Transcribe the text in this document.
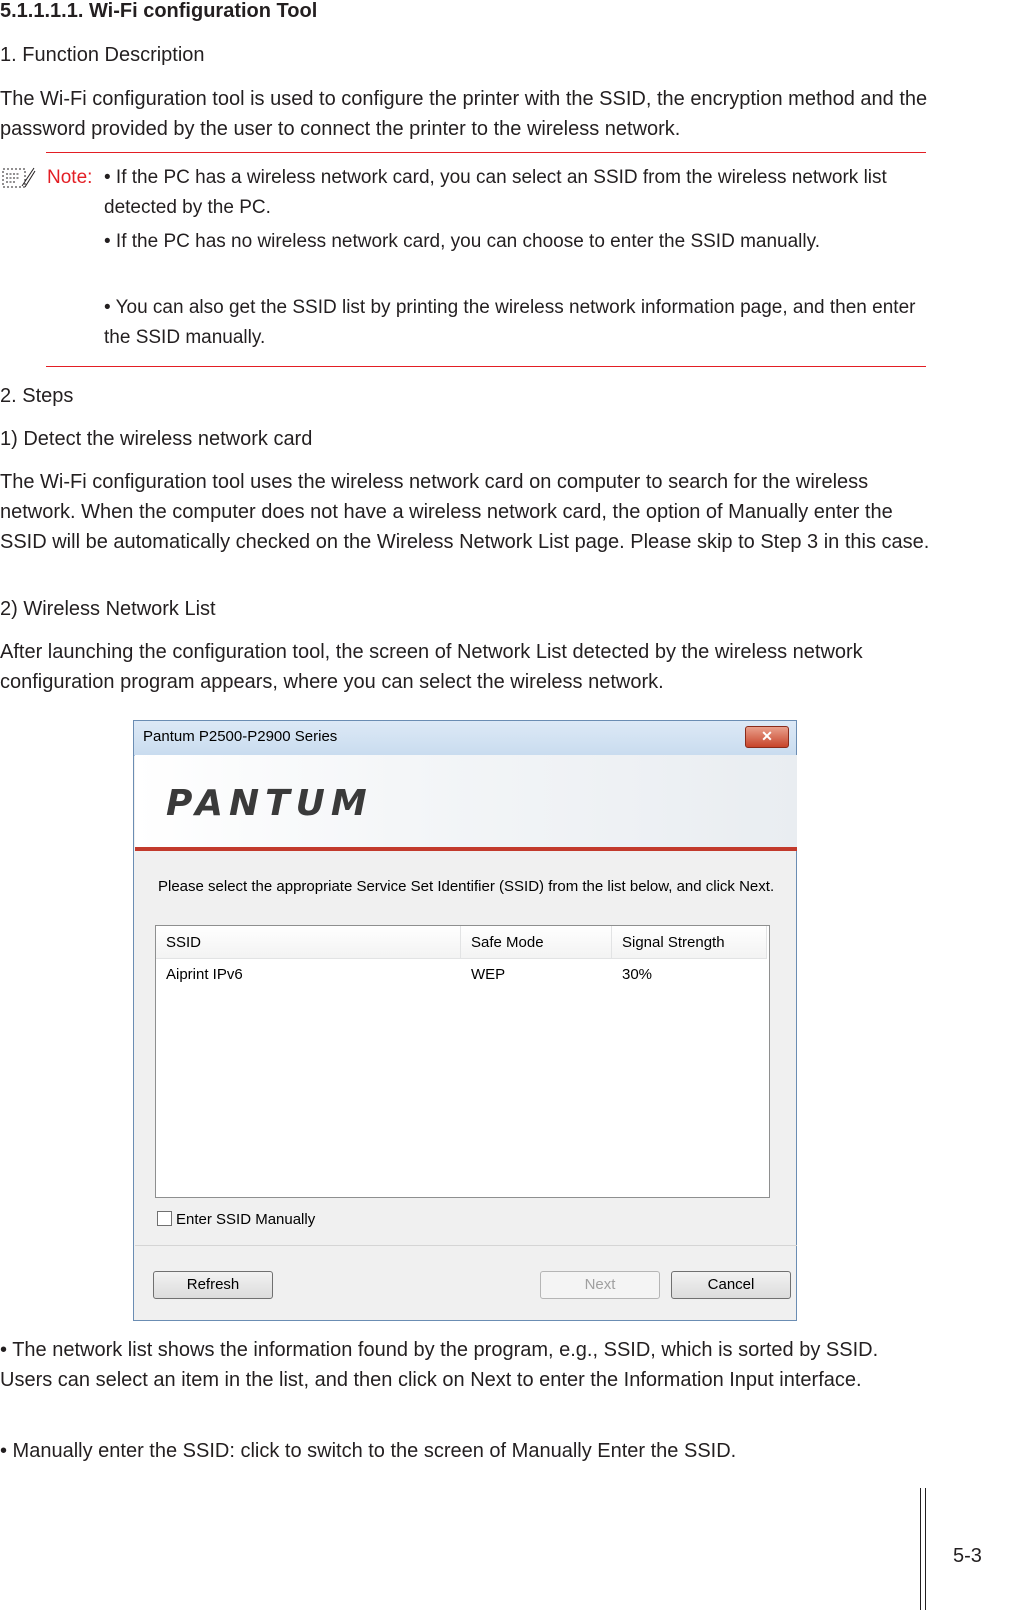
5.1.1.1.1. Wi-Fi configuration Tool

1. Function Description

The Wi-Fi configuration tool is used to configure the printer with the SSID, the encryption method and the password provided by the user to connect the printer to the wireless network.

Note: • If the PC has a wireless network card, you can select an SSID from the wireless network list detected by the PC.

• If the PC has no wireless network card, you can choose to enter the SSID manually.

• You can also get the SSID list by printing the wireless network information page, and then enter the SSID manually.

2. Steps

1) Detect the wireless network card

The Wi-Fi configuration tool uses the wireless network card on computer to search for the wireless network. When the computer does not have a wireless network card, the option of Manually enter the SSID will be automatically checked on the Wireless Network List page. Please skip to Step 3 in this case.

2) Wireless Network List

After launching the configuration tool, the screen of Network List detected by the wireless network configuration program appears, where you can select the wireless network.

Pantum P2500-P2900 Series	✕
PANTUM
Please select the appropriate Service Set Identifier (SSID) from the list below, and click Next.
SSID	Safe Mode	Signal Strength
Aiprint IPv6	WEP	30%
Enter SSID Manually
Refresh	Next	Cancel

• The network list shows the information found by the program, e.g., SSID, which is sorted by SSID. Users can select an item in the list, and then click on Next to enter the Information Input interface.

• Manually enter the SSID: click to switch to the screen of Manually Enter the SSID.

5-3
